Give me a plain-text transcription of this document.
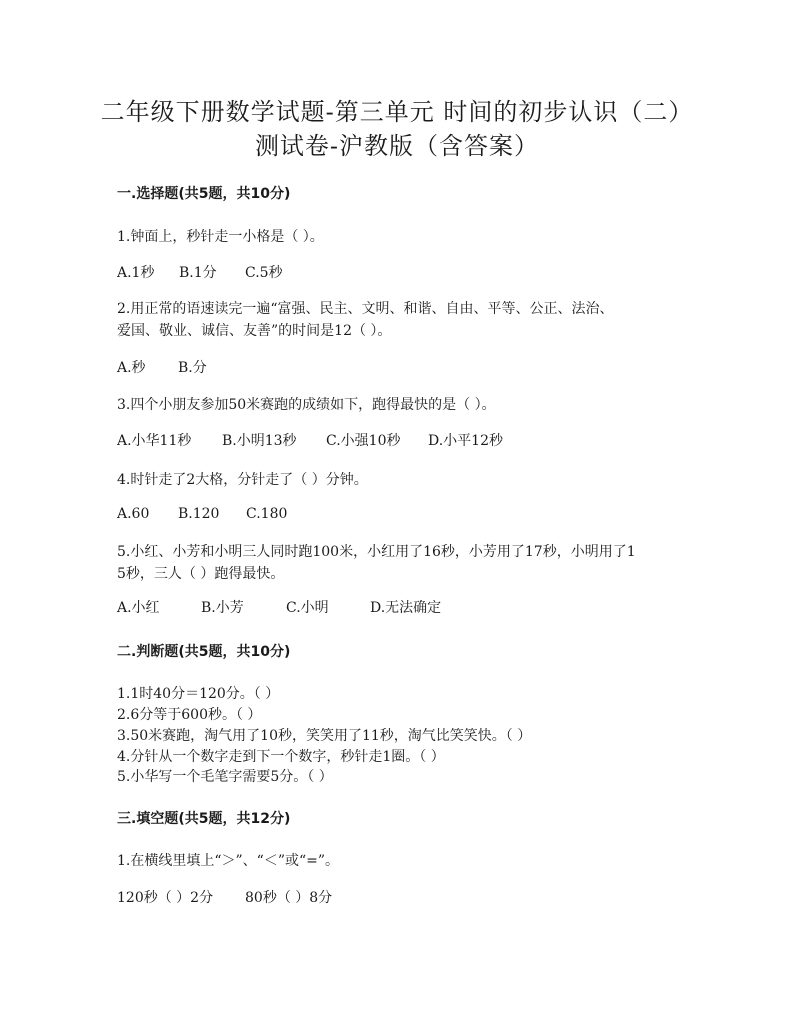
二年级下册数学试题-第三单元 时间的初步认识（二）
测试卷-沪教版（含答案）
一.选择题(共5题，共10分)
1.钟面上，秒针走一小格是（ ）。
A.1秒 B.1分 C.5秒
2.用正常的语速读完一遍“富强、民主、文明、和谐、自由、平等、公正、法治、
爱国、敬业、诚信、友善”的时间是12（ ）。
A.秒 B.分
3.四个小朋友参加50米赛跑的成绩如下，跑得最快的是（ ）。
A.小华11秒 B.小明13秒 C.小强10秒 D.小平12秒
4.时针走了2大格，分针走了（ ）分钟。
A.60 B.120 C.180
5.小红、小芳和小明三人同时跑100米，小红用了16秒，小芳用了17秒，小明用了1
5秒，三人（ ）跑得最快。
A.小红	B.小芳	C.小明	D.无法确定
二.判断题(共5题，共10分)
1.1时40分＝120分。（ ）
2.6分等于600秒。（ ）
3.50米赛跑，淘气用了10秒，笑笑用了11秒，淘气比笑笑快。（ ）
4.分针从一个数字走到下一个数字，秒针走1圈。（ ）
5.小华写一个毛笔字需要5分。（ ）
三.填空题(共5题，共12分)
1.在横线里填上“＞”、“＜”或“=”。
120秒（ ）2分 80秒（ ）8分
